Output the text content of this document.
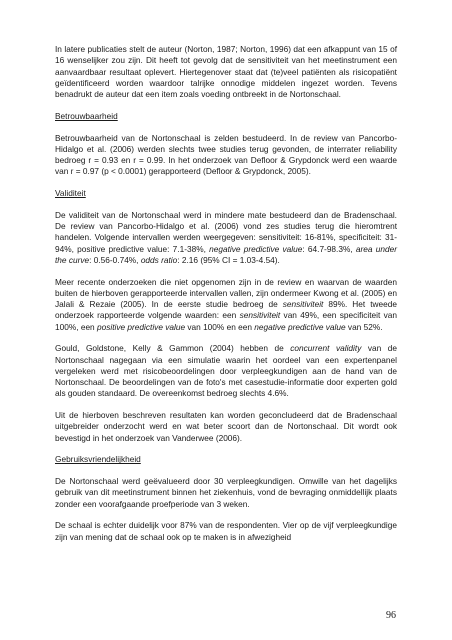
In latere publicaties stelt de auteur (Norton, 1987; Norton, 1996) dat een afkappunt van 15 of 16 wenselijker zou zijn. Dit heeft tot gevolg dat de sensitiviteit van het meetinstrument een aanvaardbaar resultaat oplevert. Hiertegenover staat dat (te)veel patiënten als risicopatiënt geïdentificeerd worden waardoor talrijke onnodige middelen ingezet worden. Tevens benadrukt de auteur dat een item zoals voeding ontbreekt in de Nortonschaal.

Betrouwbaarheid

Betrouwbaarheid van de Nortonschaal is zelden bestudeerd. In de review van Pancorbo-Hidalgo et al. (2006) werden slechts twee studies terug gevonden, de interrater reliability bedroeg r = 0.93 en r = 0.99. In het onderzoek van Defloor & Grypdonck werd een waarde van r = 0.97 (p < 0.0001) gerapporteerd (Defloor & Grypdonck, 2005).

Validiteit

De validiteit van de Nortonschaal werd in mindere mate bestudeerd dan de Bradenschaal. De review van Pancorbo-Hidalgo et al. (2006) vond zes studies terug die hieromtrent handelen. Volgende intervallen werden weergegeven: sensitiviteit: 16-81%, specificiteit: 31-94%, positive predictive value: 7.1-38%, negative predictive value: 64.7-98.3%, area under the curve: 0.56-0.74%, odds ratio: 2.16 (95% CI = 1.03-4.54).

Meer recente onderzoeken die niet opgenomen zijn in de review en waarvan de waarden buiten de hierboven gerapporteerde intervallen vallen, zijn ondermeer Kwong et al. (2005) en Jalali & Rezaie (2005). In de eerste studie bedroeg de sensitiviteit 89%. Het tweede onderzoek rapporteerde volgende waarden: een sensitiviteit van 49%, een specificiteit van 100%, een positive predictive value van 100% en een negative predictive value van 52%.

Gould, Goldstone, Kelly & Gammon (2004) hebben de concurrent validity van de Nortonschaal nagegaan via een simulatie waarin het oordeel van een expertenpanel vergeleken werd met risicobeoordelingen door verpleegkundigen aan de hand van de Nortonschaal. De beoordelingen van de foto's met casestudie-informatie door experten gold als gouden standaard. De overeenkomst bedroeg slechts 4.6%.

Uit de hierboven beschreven resultaten kan worden geconcludeerd dat de Bradenschaal uitgebreider onderzocht werd en wat beter scoort dan de Nortonschaal. Dit wordt ook bevestigd in het onderzoek van Vanderwee (2006).

Gebruiksvriendelijkheid

De Nortonschaal werd geëvalueerd door 30 verpleegkundigen. Omwille van het dagelijks gebruik van dit meetinstrument binnen het ziekenhuis, vond de bevraging onmiddellijk plaats zonder een voorafgaande proefperiode van 3 weken.

De schaal is echter duidelijk voor 87% van de respondenten. Vier op de vijf verpleegkundige zijn van mening dat de schaal ook op te maken is in afwezigheid

96
